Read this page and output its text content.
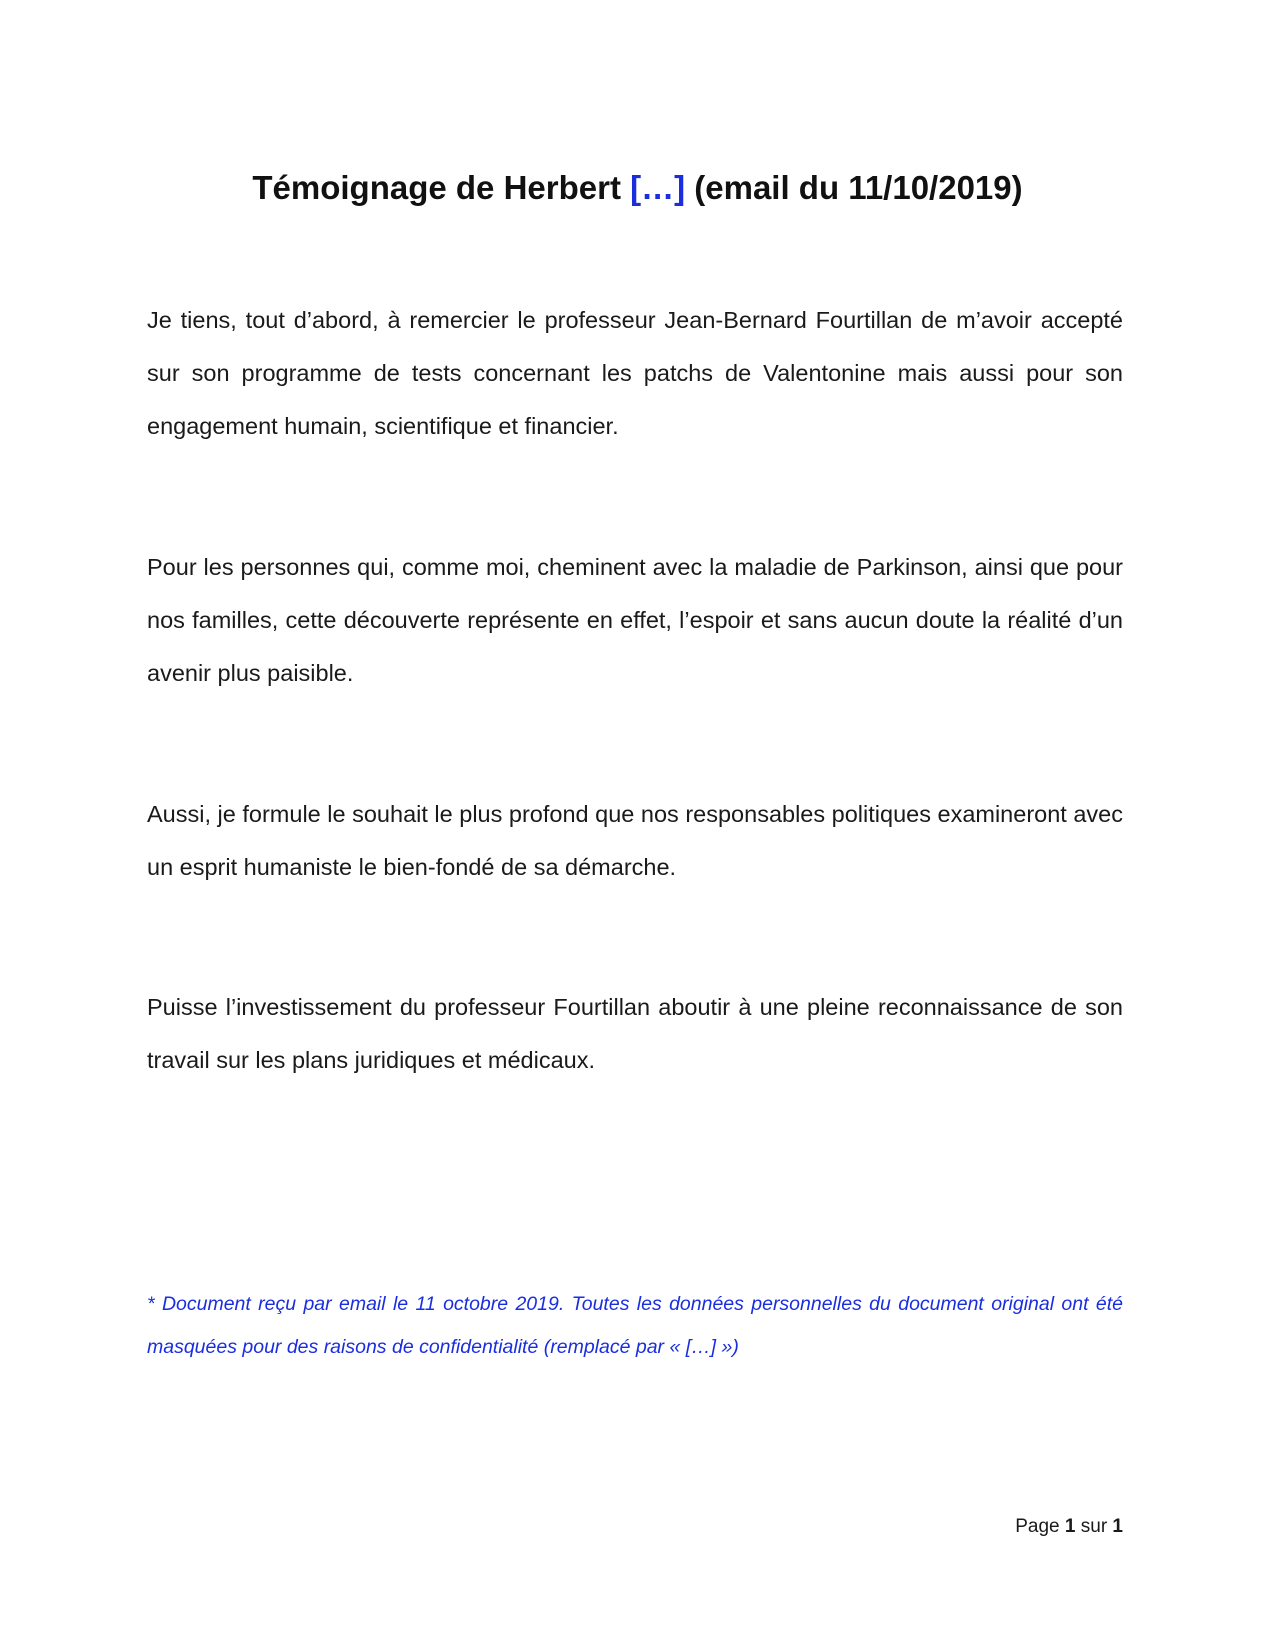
Témoignage de Herbert […] (email du 11/10/2019)

Je tiens, tout d’abord, à remercier le professeur Jean-Bernard Fourtillan de m’avoir accepté sur son programme de tests concernant les patchs de Valentonine mais aussi pour son engagement humain, scientifique et financier.

Pour les personnes qui, comme moi, cheminent avec la maladie de Parkinson, ainsi que pour nos familles, cette découverte représente en effet, l’espoir et sans aucun doute la réalité d’un avenir plus paisible.

Aussi, je formule le souhait le plus profond que nos responsables politiques examineront avec un esprit humaniste le bien-fondé de sa démarche.

Puisse l’investissement du professeur Fourtillan aboutir à une pleine reconnaissance de son travail sur les plans juridiques et médicaux.

* Document reçu par email le 11 octobre 2019. Toutes les données personnelles du document original ont été masquées pour des raisons de confidentialité (remplacé par « […] »)

Page 1 sur 1
